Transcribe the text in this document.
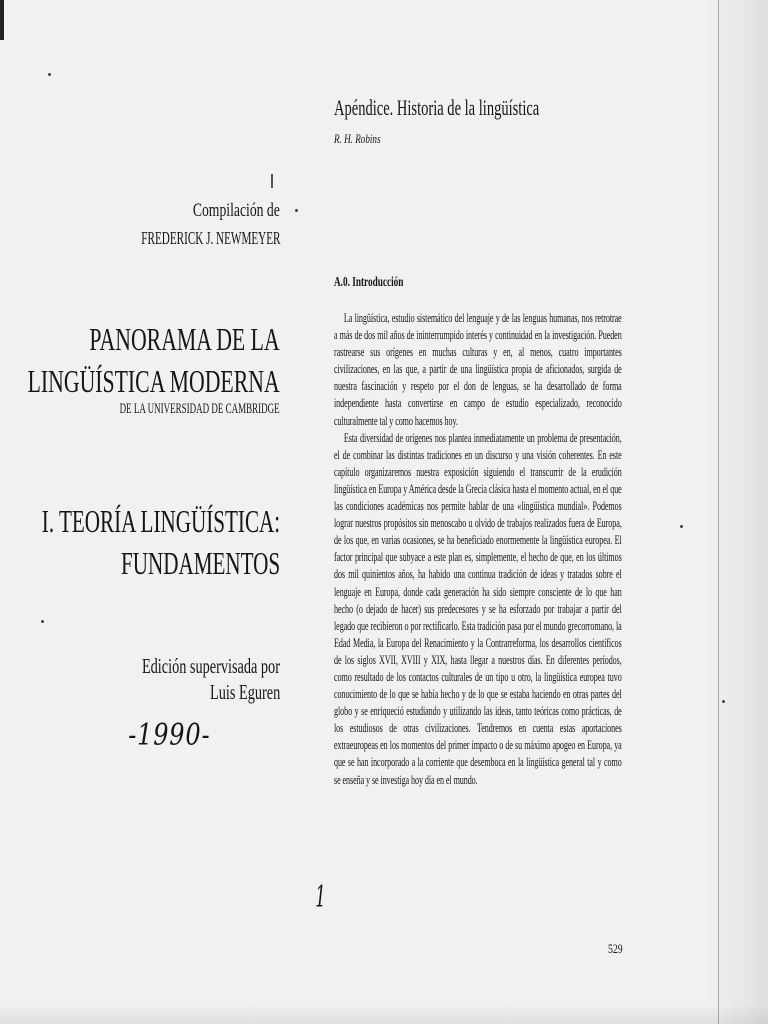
Compilación de
FREDERICK J. NEWMEYER
PANORAMA DE LA
LINGÜÍSTICA MODERNA
DE LA UNIVERSIDAD DE CAMBRIDGE
I. TEORÍA LINGÜÍSTICA:
FUNDAMENTOS
Edición supervisada por
Luis Eguren
-1990-
Apéndice. Historia de la lingüística
R. H. Robins
A.0. Introducción

La lingüística, estudio sistemático del lenguaje y de las lenguas humanas, nos retrotrae a más de dos mil años de ininterrumpido interés y continuidad en la investigación. Pueden rastrearse sus orígenes en muchas culturas y en, al menos, cuatro importantes civilizaciones, en las que, a partir de una lingüística propia de aficionados, surgida de nuestra fascinación y respeto por el don de lenguas, se ha desarrollado de forma independiente hasta convertirse en campo de estudio especializado, reconocido culturalmente tal y como hacemos hoy.

Esta diversidad de orígenes nos plantea inmediatamente un problema de presentación, el de combinar las distintas tradiciones en un discurso y una visión coherentes. En este capítulo organizaremos nuestra exposición siguiendo el transcurrir de la erudición lingüística en Europa y América desde la Grecia clásica hasta el momento actual, en el que las condiciones académicas nos permite hablar de una «lingüística mundial». Podemos lograr nuestros propósitos sin menoscabo u olvido de trabajos realizados fuera de Europa, de los que, en varias ocasiones, se ha beneficiado enormemente la lingüística europea. El factor principal que subyace a este plan es, simplemente, el hecho de que, en los últimos dos mil quinientos años, ha habido una continua tradición de ideas y tratados sobre el lenguaje en Europa, donde cada generación ha sido siempre consciente de lo que han hecho (o dejado de hacer) sus predecesores y se ha esforzado por trabajar a partir del legado que recibieron o por rectificarlo. Esta tradición pasa por el mundo grecorromano, la Edad Media, la Europa del Renacimiento y la Contrarreforma, los desarrollos científicos de los siglos XVII, XVIII y XIX, hasta llegar a nuestros días. En diferentes períodos, como resultado de los contactos culturales de un tipo u otro, la lingüística europea tuvo conocimiento de lo que se había hecho y de lo que se estaba haciendo en otras partes del globo y se enriqueció estudiando y utilizando las ideas, tanto teóricas como prácticas, de los estudiosos de otras civilizaciones. Tendremos en cuenta estas aportaciones extraeuropeas en los momentos del primer impacto o de su máximo apogeo en Europa, ya que se han incorporado a la corriente que desemboca en la lingüística general tal y como se enseña y se investiga hoy día en el mundo.

1
529
